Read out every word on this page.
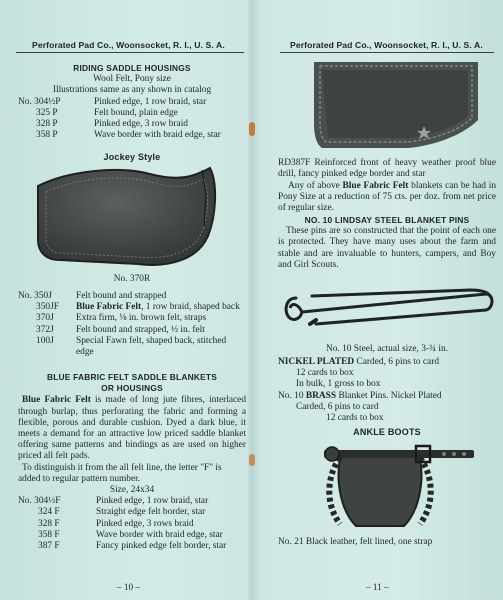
Perforated Pad Co., Woonsocket, R. I., U. S. A.
RIDING SADDLE HOUSINGS
Wool Felt, Pony size
Illustrations same as any shown in catalog
No. 304½P	Pinked edge, 1 row braid, star
325 P	Felt bound, plain edge
328 P	Pinked edge, 3 row braid
358 P	Wave border with braid edge, star
Jockey Style
No. 370R
No. 350J	Felt bound and strapped
350JF	Blue Fabric Felt, 1 row braid, shaped back
370J	Extra firm, ⅛ in. brown felt, straps
372J	Felt bound and strapped, ½ in. felt
100J	Special Fawn felt, shaped back, stitched edge
BLUE FABRIC FELT SADDLE BLANKETS
OR HOUSINGS
Blue Fabric Felt is made of long jute fibres, interlaced through burlap, thus perforating the fabric and forming a flexible, porous and durable cushion. Dyed a dark blue, it meets a demand for an attractive low priced saddle blanket offering same patterns and bindings as are used on higher priced all felt pads.
To distinguish it from the all felt line, the letter "F" is added to regular pattern number.
Size, 24x34
No. 304½F	Pinked edge, 1 row braid, star
324 F	Straight edge felt border, star
328 F	Pinked edge, 3 rows braid
358 F	Wave border with braid edge, star
387 F	Fancy pinked edge felt border, star
– 10 –
Perforated Pad Co., Woonsocket, R. I., U. S. A.
RD387F Reinforced front of heavy weather proof blue drill, fancy pinked edge border and star
Any of above Blue Fabric Felt blankets can be had in Pony Size at a reduction of 75 cts. per doz. from net price of regular size.
NO. 10 LINDSAY STEEL BLANKET PINS
These pins are so constructed that the point of each one is protected. They have many uses about the farm and stable and are invaluable to hunters, campers, and Boy and Girl Scouts.
No. 10 Steel, actual size, 3-¾ in.
NICKEL PLATED Carded, 6 pins to card
12 cards to box
In bulk, 1 gross to box
No. 10 BRASS Blanket Pins. Nickel Plated
Carded, 6 pins to card
12 cards to box
ANKLE BOOTS
No. 21 Black leather, felt lined, one strap
– 11 –
